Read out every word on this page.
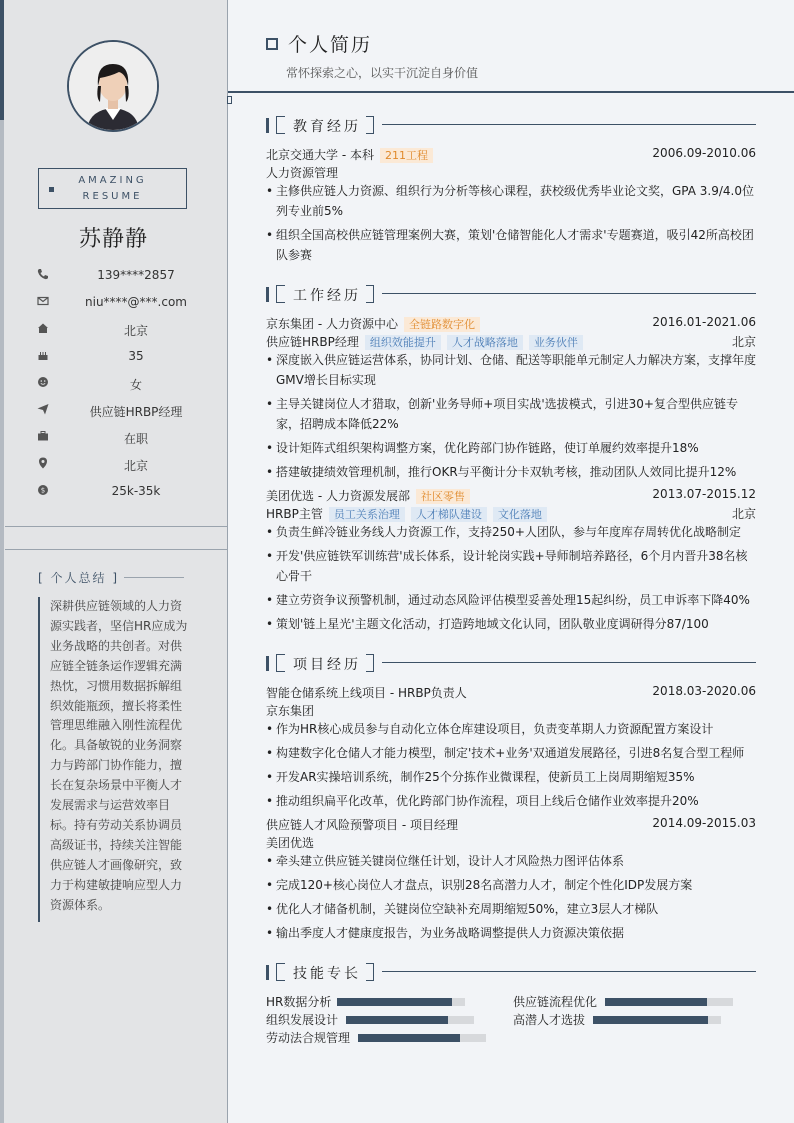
AMAZING
RESUME
苏静静
139****2857
niu****@***.com
北京
35
女
供应链HRBP经理
在职
北京
$	25k-35k
[ 个人总结 ]
深耕供应链领域的人力资源实践者，坚信HR应成为业务战略的共创者。对供应链全链条运作逻辑充满热忱，习惯用数据拆解组织效能瓶颈，擅长将柔性管理思维融入刚性流程优化。具备敏锐的业务洞察力与跨部门协作能力，擅长在复杂场景中平衡人才发展需求与运营效率目标。持有劳动关系协调员高级证书，持续关注智能供应链人才画像研究，致力于构建敏捷响应型人力资源体系。
个人简历
常怀探索之心，以实干沉淀自身价值
教育经历
北京交通大学 - 本科 211工程	2006.09-2010.06
人力资源管理
• 主修供应链人力资源、组织行为分析等核心课程，获校级优秀毕业论文奖，GPA 3.9/4.0位列专业前5%
• 组织全国高校供应链管理案例大赛，策划'仓储智能化人才需求'专题赛道，吸引42所高校团队参赛
工作经历
京东集团 - 人力资源中心 全链路数字化	2016.01-2021.06
供应链HRBP经理 组织效能提升 人才战略落地 业务伙伴	北京
• 深度嵌入供应链运营体系，协同计划、仓储、配送等职能单元制定人力解决方案，支撑年度GMV增长目标实现
• 主导关键岗位人才猎取，创新'业务导师+项目实战'选拔模式，引进30+复合型供应链专家，招聘成本降低22%
• 设计矩阵式组织架构调整方案，优化跨部门协作链路，使订单履约效率提升18%
• 搭建敏捷绩效管理机制，推行OKR与平衡计分卡双轨考核，推动团队人效同比提升12%
美团优选 - 人力资源发展部 社区零售	2013.07-2015.12
HRBP主管 员工关系治理 人才梯队建设 文化落地	北京
• 负责生鲜冷链业务线人力资源工作，支持250+人团队，参与年度库存周转优化战略制定
• 开发'供应链铁军训练营'成长体系，设计轮岗实践+导师制培养路径，6个月内晋升38名核心骨干
• 建立劳资争议预警机制，通过动态风险评估模型妥善处理15起纠纷，员工申诉率下降40%
• 策划'链上星光'主题文化活动，打造跨地域文化认同，团队敬业度调研得分87/100
项目经历
智能仓储系统上线项目 - HRBP负责人	2018.03-2020.06
京东集团
• 作为HR核心成员参与自动化立体仓库建设项目，负责变革期人力资源配置方案设计
• 构建数字化仓储人才能力模型，制定'技术+业务'双通道发展路径，引进8名复合型工程师
• 开发AR实操培训系统，制作25个分拣作业微课程，使新员工上岗周期缩短35%
• 推动组织扁平化改革，优化跨部门协作流程，项目上线后仓储作业效率提升20%
供应链人才风险预警项目 - 项目经理	2014.09-2015.03
美团优选
• 牵头建立供应链关键岗位继任计划，设计人才风险热力图评估体系
• 完成120+核心岗位人才盘点，识别28名高潜力人才，制定个性化IDP发展方案
• 优化人才储备机制，关键岗位空缺补充周期缩短50%，建立3层人才梯队
• 输出季度人才健康度报告，为业务战略调整提供人力资源决策依据
技能专长
HR数据分析	供应链流程优化
组织发展设计	高潜人才选拔
劳动法合规管理
